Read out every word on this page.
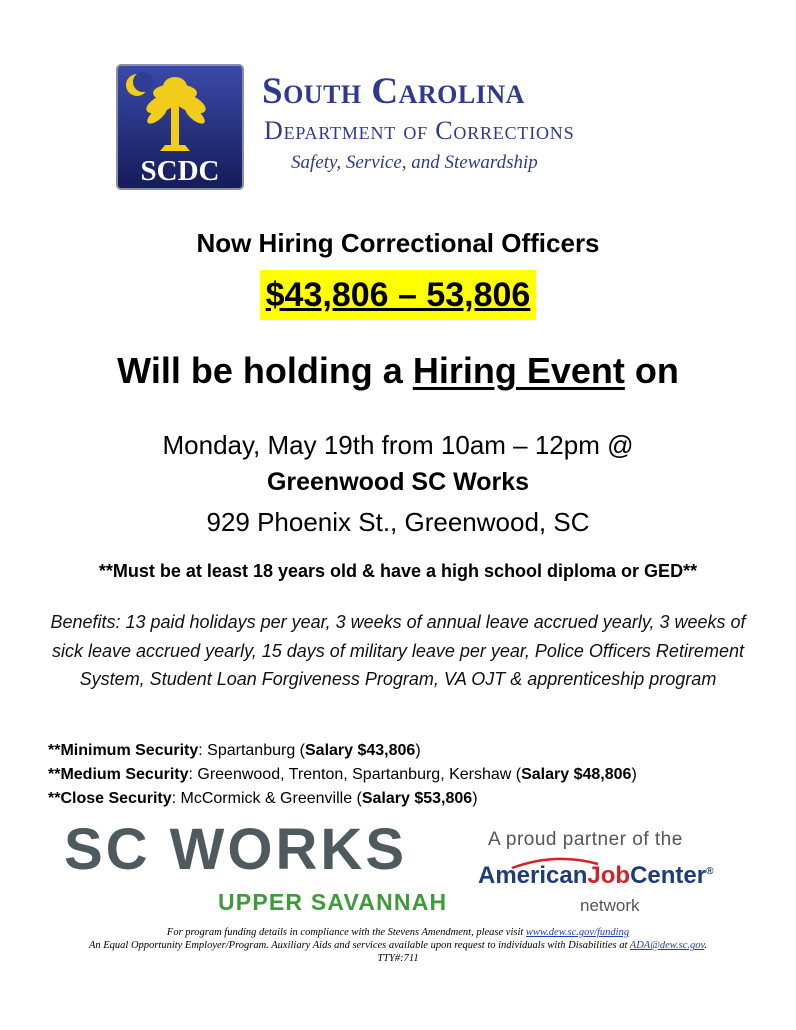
SCDC
South Carolina
Department of Corrections
Safety, Service, and Stewardship
Now Hiring Correctional Officers
$43,806 – 53,806
Will be holding a Hiring Event on
Monday, May 19th from 10am – 12pm @
Greenwood SC Works
929 Phoenix St., Greenwood, SC
**Must be at least 18 years old & have a high school diploma or GED**
Benefits: 13 paid holidays per year, 3 weeks of annual leave accrued yearly, 3 weeks of sick leave accrued yearly, 15 days of military leave per year, Police Officers Retirement System, Student Loan Forgiveness Program, VA OJT & apprenticeship program
**Minimum Security: Spartanburg (Salary $43,806)
**Medium Security: Greenwood, Trenton, Spartanburg, Kershaw (Salary $48,806)
**Close Security: McCormick & Greenville (Salary $53,806)
SC WORKS
UPPER SAVANNAH
A proud partner of the
AmericanJobCenter®
network
For program funding details in compliance with the Stevens Amendment, please visit www.dew.sc.gov/funding
An Equal Opportunity Employer/Program. Auxiliary Aids and services available upon request to individuals with Disabilities at ADA@dew.sc.gov. TTY#:711
